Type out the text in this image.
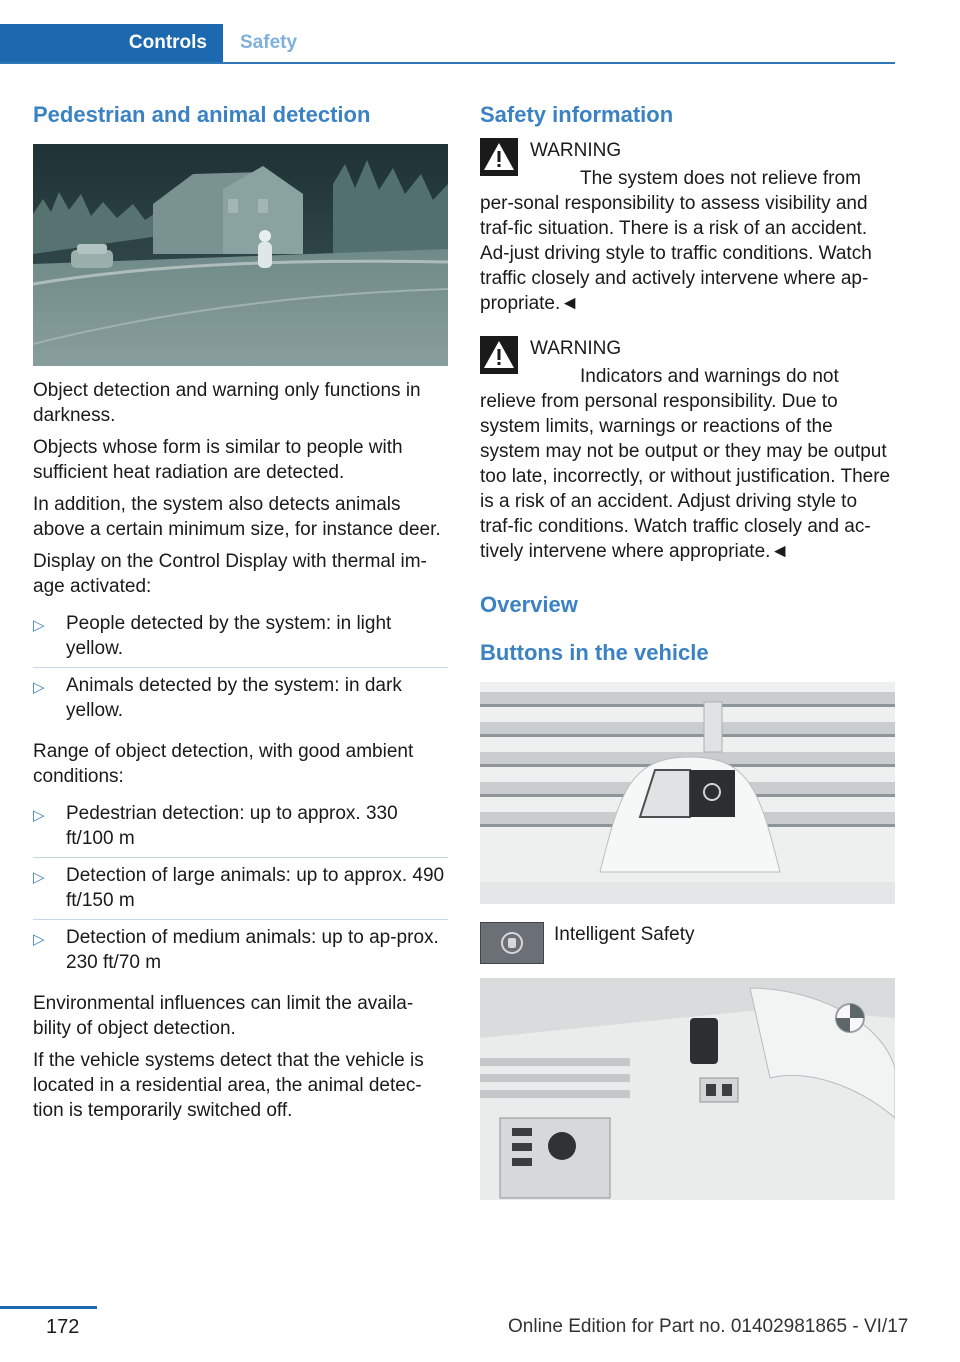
Controls	Safety
Pedestrian and animal detection

Object detection and warning only functions in darkness.

Objects whose form is similar to people with sufficient heat radiation are detected.

In addition, the system also detects animals above a certain minimum size, for instance deer.

Display on the Control Display with thermal im‐age activated:

▷ People detected by the system: in light yellow.
▷ Animals detected by the system: in dark yellow.

Range of object detection, with good ambient conditions:

▷ Pedestrian detection: up to approx. 330 ft/100 m
▷ Detection of large animals: up to approx. 490 ft/150 m
▷ Detection of medium animals: up to ap‐prox. 230 ft/70 m

Environmental influences can limit the availa‐bility of object detection.

If the vehicle systems detect that the vehicle is located in a residential area, the animal detec‐tion is temporarily switched off.

Safety information
WARNING
The system does not relieve from per‐sonal responsibility to assess visibility and traf‐fic situation. There is a risk of an accident. Ad‐just driving style to traffic conditions. Watch traffic closely and actively intervene where ap‐propriate.◄
WARNING
Indicators and warnings do not relieve from personal responsibility. Due to system limits, warnings or reactions of the system may not be output or they may be output too late, incorrectly, or without justification. There is a risk of an accident. Adjust driving style to traf‐fic conditions. Watch traffic closely and ac‐tively intervene where appropriate.◄
Overview
Buttons in the vehicle
Intelligent Safety
172	Online Edition for Part no. 01402981865 - VI/17
